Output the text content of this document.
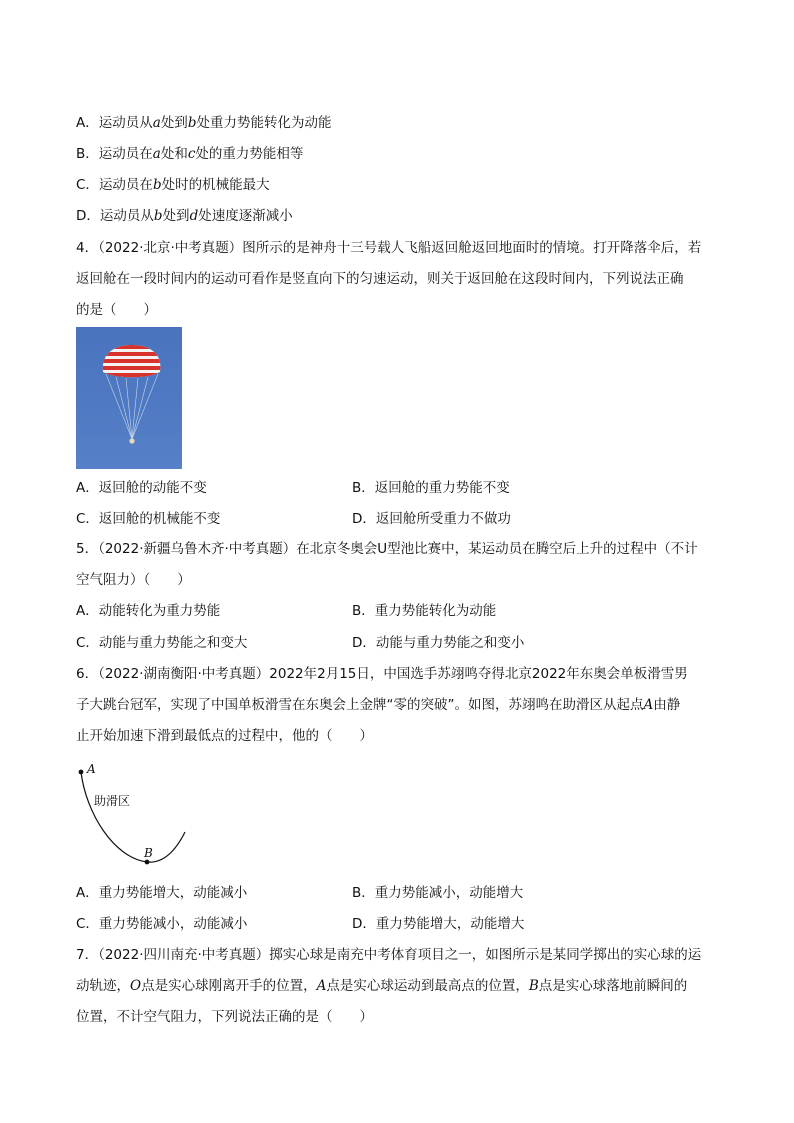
A．运动员从a处到b处重力势能转化为动能
B．运动员在a处和c处的重力势能相等
C．运动员在b处时的机械能最大
D．运动员从b处到d处速度逐渐减小
4．（2022·北京·中考真题）图所示的是神舟十三号载人飞船返回舱返回地面时的情境。打开降落伞后，若
返回舱在一段时间内的运动可看作是竖直向下的匀速运动，则关于返回舱在这段时间内，下列说法正确
的是（　　）
A．返回舱的动能不变	B．返回舱的重力势能不变
C．返回舱的机械能不变	D．返回舱所受重力不做功
5．（2022·新疆乌鲁木齐·中考真题）在北京冬奥会U型池比赛中，某运动员在腾空后上升的过程中（不计
空气阻力）（　　）
A．动能转化为重力势能	B．重力势能转化为动能
C．动能与重力势能之和变大	D．动能与重力势能之和变小
6．（2022·湖南衡阳·中考真题）2022年2月15日，中国选手苏翊鸣夺得北京2022年东奥会单板滑雪男
子大跳台冠军，实现了中国单板滑雪在东奥会上金牌“零的突破”。如图，苏翊鸣在助滑区从起点A由静
止开始加速下滑到最低点的过程中，他的（　　）
A
助滑区
B
A．重力势能增大，动能减小	B．重力势能减小，动能增大
C．重力势能减小，动能减小	D．重力势能增大，动能增大
7．（2022·四川南充·中考真题）掷实心球是南充中考体育项目之一，如图所示是某同学掷出的实心球的运
动轨迹，O点是实心球刚离开手的位置，A点是实心球运动到最高点的位置，B点是实心球落地前瞬间的
位置，不计空气阻力，下列说法正确的是（　　）
